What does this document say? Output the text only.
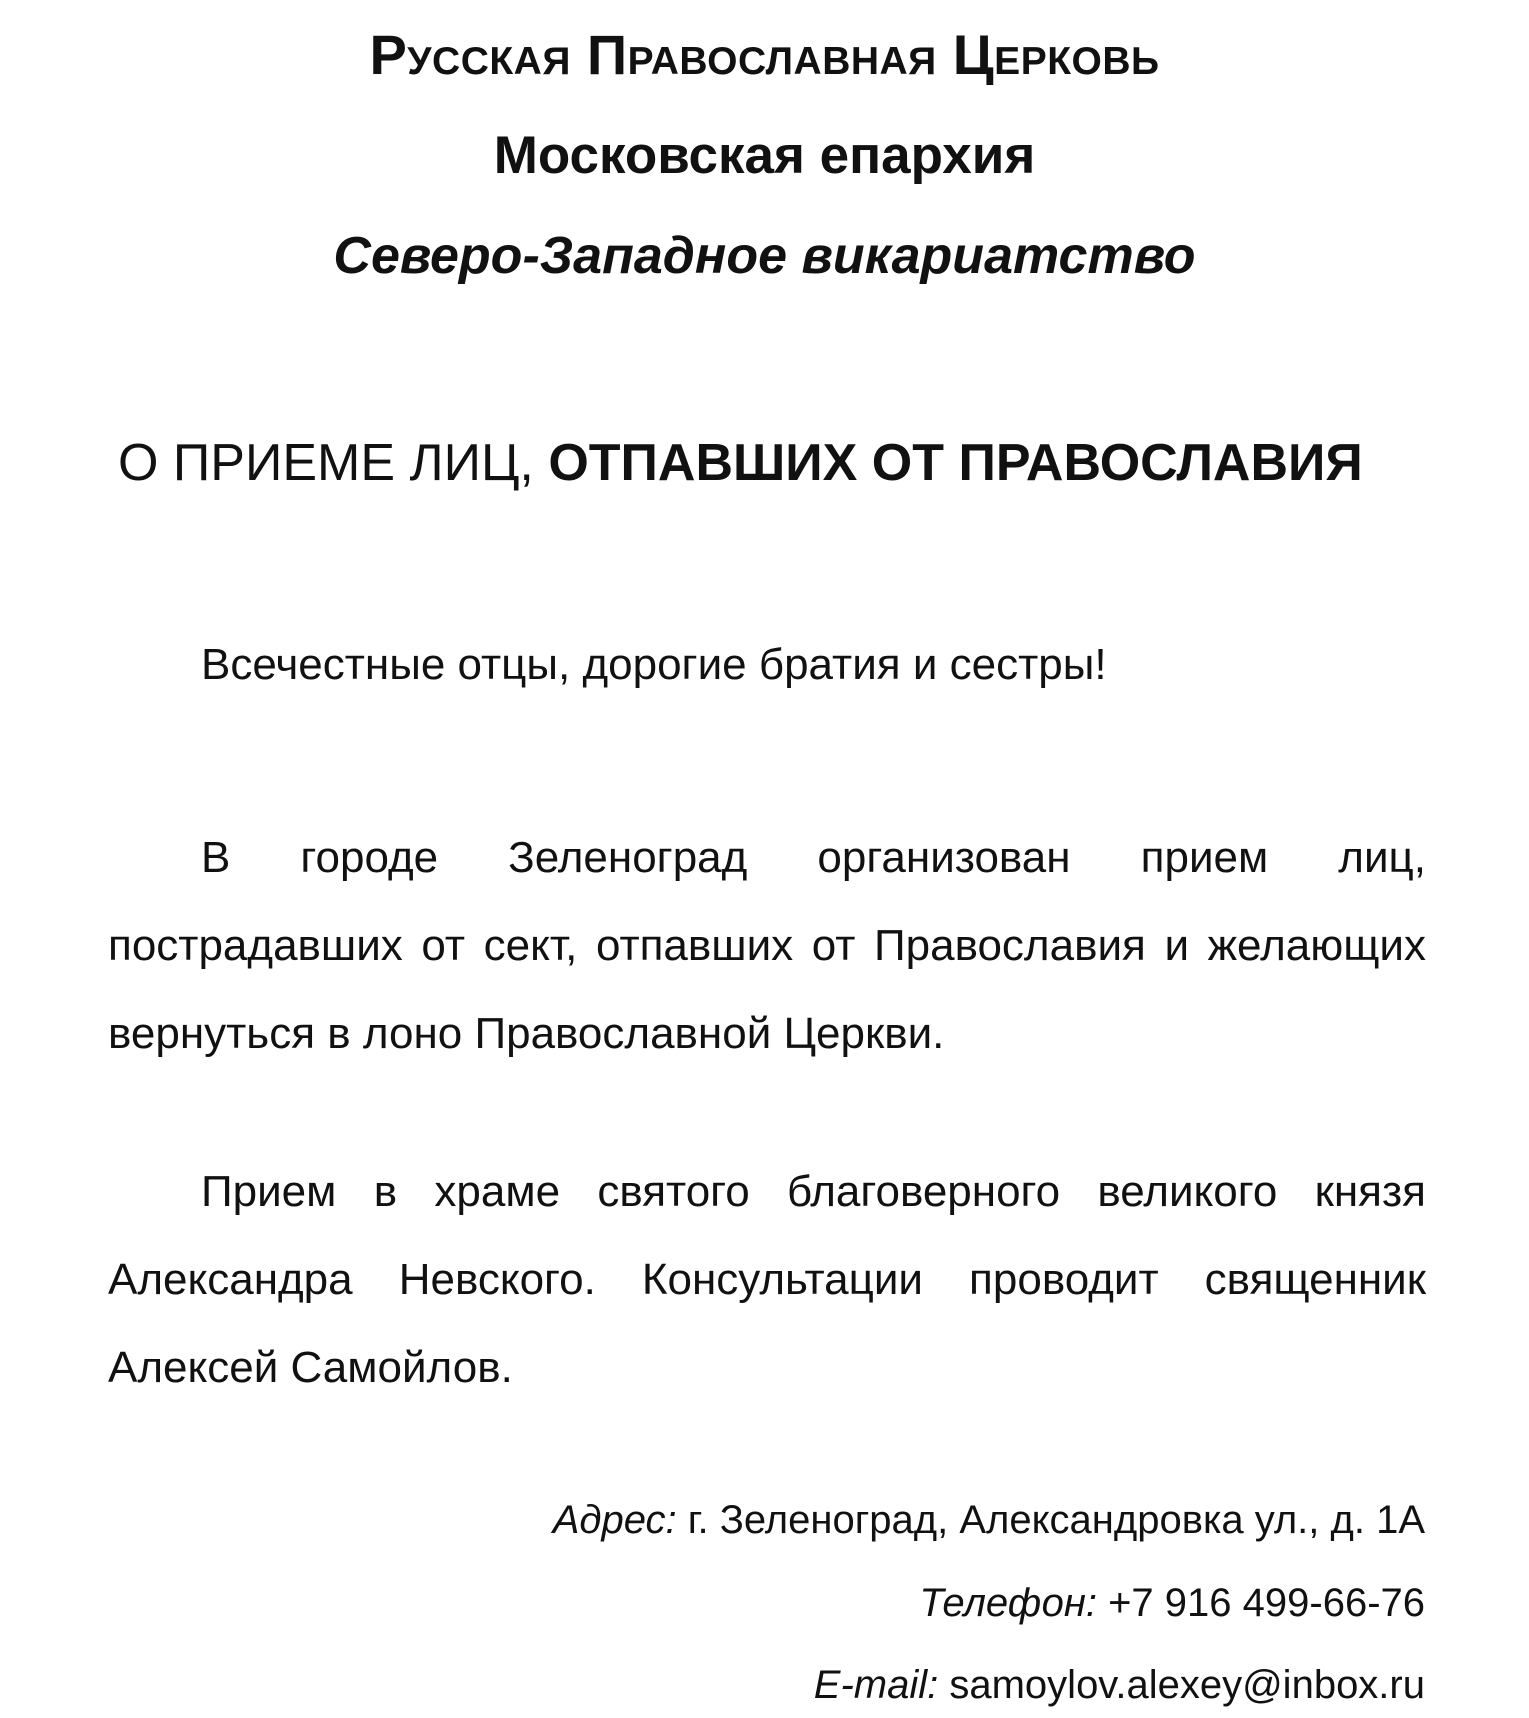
Русская Православная Церковь
Московская епархия
Северо-Западное викариатство
О ПРИЕМЕ ЛИЦ, ОТПАВШИХ ОТ ПРАВОСЛАВИЯ
Всечестные отцы, дорогие братия и сестры!
В городе Зеленоград организован прием лиц, пострадавших от сект, отпавших от Православия и желающих вернуться в лоно Православной Церкви.
Прием в храме святого благоверного великого князя Александра Невского. Консультации проводит священник Алексей Самойлов.
Адрес: г. Зеленоград, Александровка ул., д. 1А
Телефон: +7 916 499-66-76
E-mail: samoylov.alexey@inbox.ru
